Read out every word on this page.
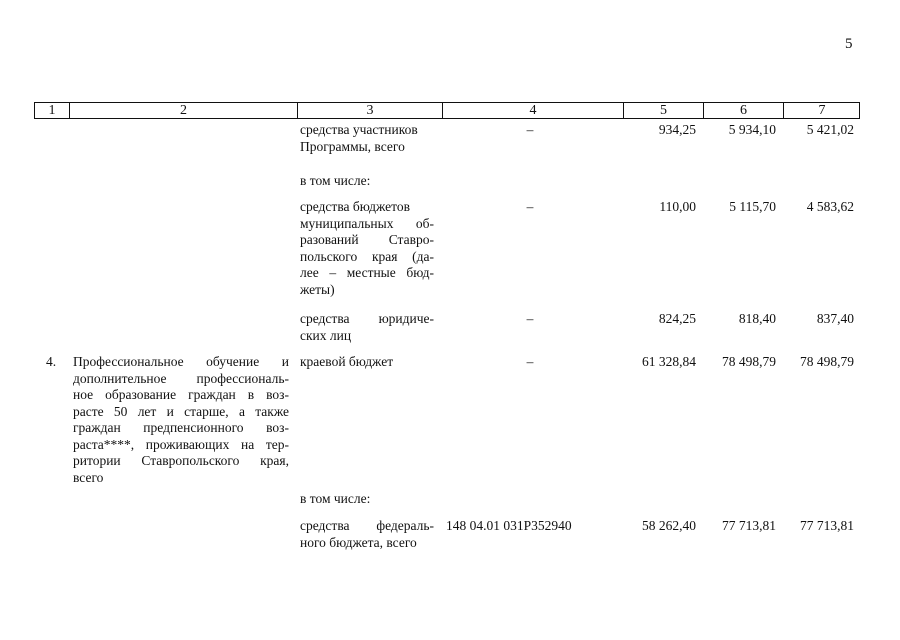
5
1	2	3	4	5	6	7
средства участников
Программы, всего
–	934,25	5 934,10	5 421,02
в том числе:
средства бюджетов
муниципальных об-
разований Ставро-
польского края (да-
лее – местные бюд-
жеты)
–	110,00	5 115,70	4 583,62
средства юридиче-
ских лиц
–	824,25	818,40	837,40
4.	Профессиональное обучение и
дополнительное профессиональ-
ное образование граждан в воз-
расте 50 лет и старше, а также
граждан предпенсионного воз-
раста****, проживающих на тер-
ритории Ставропольского края,
всего
краевой бюджет	–	61 328,84	78 498,79	78 498,79
в том числе:
средства федераль-
ного бюджета, всего
148 04.01 031Р352940	58 262,40	77 713,81	77 713,81
